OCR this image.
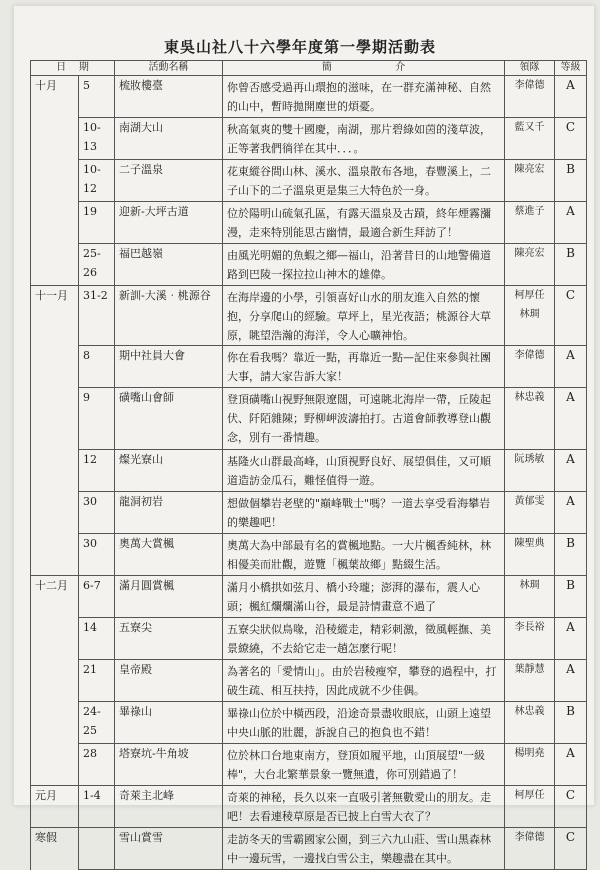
東吳山社八十六學年度第一學期活動表
日 期		活動名稱	簡 介	領隊	等級
十月	5	梳妝樓臺	你曾否感受過再山環抱的滋味，在一群充滿神秘、自然的山中，暫時拋開塵世的煩憂。	李偉德	A
	10-13	南湖大山	秋高氣爽的雙十國慶，南湖，那片碧綠如茵的淺草波，正等著我們徜徉在其中．．．。	藍又千	C
	10-12	二子溫泉	花東縱谷間山林、溪水、溫泉散布各地，春豐溪上，二子山下的二子溫泉更是集三大特色於一身。	陳亮宏	B
	19	迎新-大坪古道	位於陽明山硫氣孔區，有露天溫泉及古蹟，終年煙霧瀰漫，走來特別能思古幽情，最適合新生拜訪了！	蔡進子	A
	25-26	福巴越嶺	由風光明媚的魚蝦之鄉—福山，沿著昔日的山地警備道路到巴陵一探拉拉山神木的雄偉。	陳亮宏	B
十一月	31-2	新訓-大溪‧桃源谷	在海岸邊的小學，引領喜好山水的朋友進入自然的懷抱，分享爬山的經驗。草坪上，星光夜語；桃源谷大草原，眺望浩瀚的海洋，令人心曠神怡。	柯厚任 林琱	C
	8	期中社員大會	你在看我嗎？靠近一點，再靠近一點—記住來參與社團大事，請大家告訴大家！	李偉德	A
	9	磺嘴山會師	登頂磺嘴山視野無限遼闊，可遠眺北海岸一帶，丘陵起伏、阡陌雜陳；野柳岬波濤拍打。古道會師教導登山觀念，別有一番情趣。	林忠義	A
	12	燦光寮山	基隆火山群最高峰，山頂視野良好、展望俱佳，又可順道造訪金瓜石，難怪值得一遊。	阮琇敏	A
	30	龍洞初岩	想做個攀岩老壁的"巔峰戰士"嗎？一道去享受看海攀岩的樂趣吧！	黃郁雯	A
	30	奧萬大賞楓	奧萬大為中部最有名的賞楓地點。一大片楓香純林，林相優美而壯觀，遊覽「楓葉故鄉」點綴生活。	陳聖典	B
十二月	6-7	滿月圓賞楓	滿月小橋拱如弦月、橋小玲瓏；澎湃的瀑布，震人心頭；楓紅爛爛滿山谷，最是詩情畫意不過了	林琱	B
	14	五寮尖	五寮尖狀似鳥喙，沿稜縱走，精彩刺激，徵風輕撫、美景繚繞，不去給它走一趟怎麼行呢！	李長裕	A
	21	皇帝殿	為著名的「愛情山」。由於岩稜瘦窄，攀登的過程中，打破生疏、相互扶持，因此成就不少佳偶。	葉靜慧	A
	24-25	畢祿山	畢祿山位於中橫西段，沿途奇景盡收眼底，山頭上遠望中央山脈的壯麗，訴說自己的抱負也不錯！	林忠義	B
	28	塔寮坑-牛角坡	位於林口台地東南方，登頂如履平地，山頂展望"一級棒"，大台北繁華景象一覽無遺，你可別錯過了！	楊明堯	A
元月	1-4	奇萊主北峰	奇萊的神秘，長久以來一直吸引著無數愛山的朋友。走吧！去看連稜草原是否已披上白雪大衣了？	柯厚任	C
寒假		雪山賞雪	走訪冬天的雪霸國家公園，到三六九山莊、雪山黑森林中一邊玩雪，一邊找白雪公主，樂趣盡在其中。	李偉德	C
